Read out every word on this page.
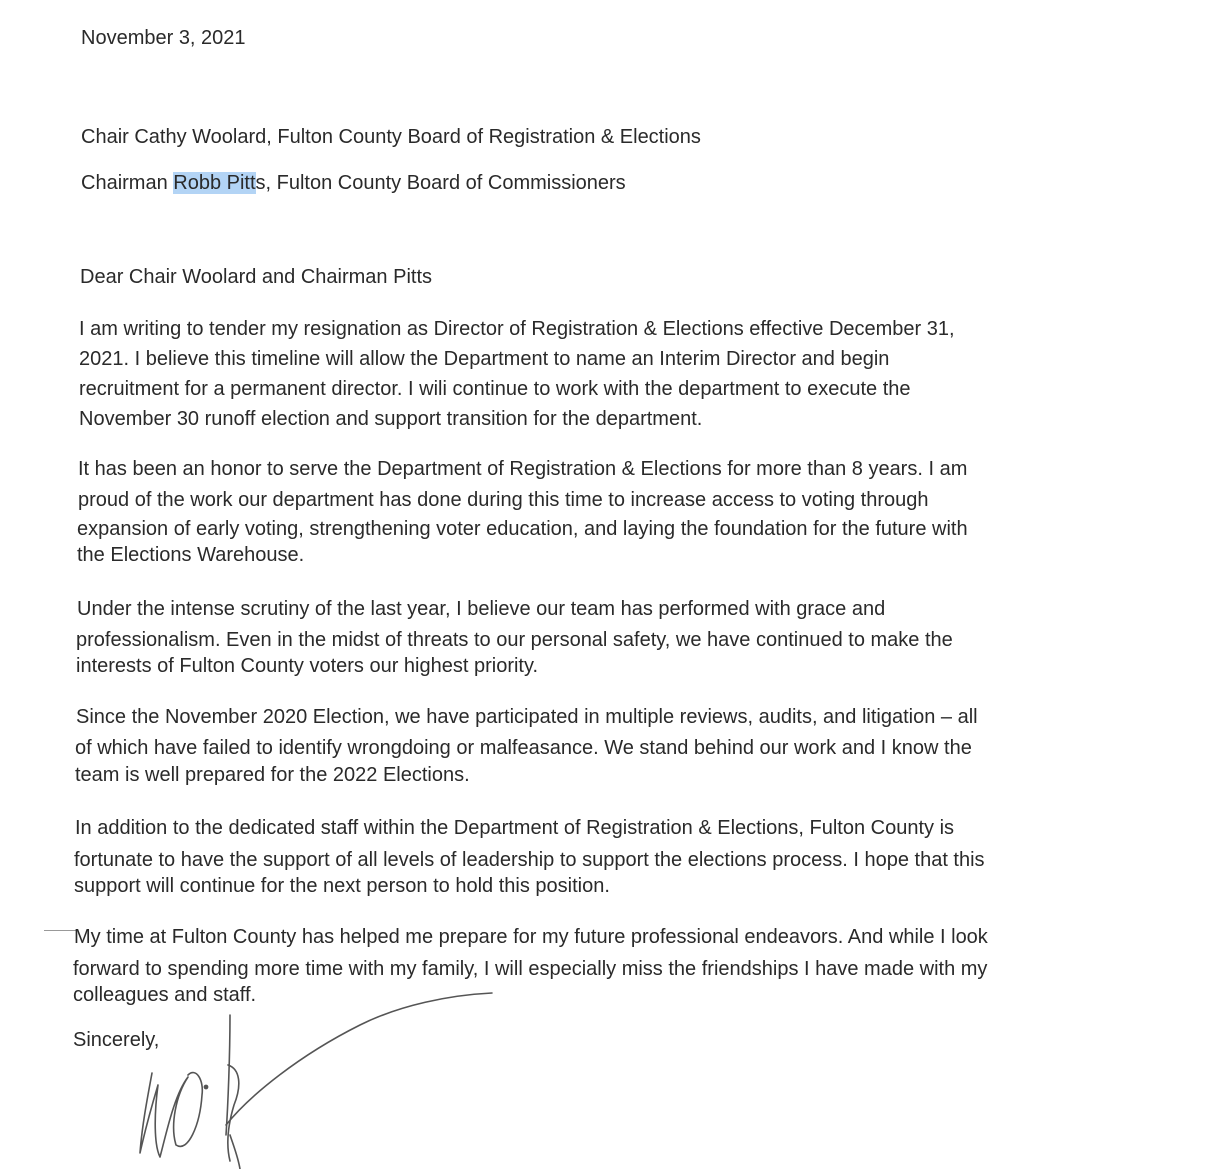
November 3, 2021
Chair Cathy Woolard, Fulton County Board of Registration & Elections
Chairman Robb Pitts, Fulton County Board of Commissioners
Dear Chair Woolard and Chairman Pitts
I am writing to tender my resignation as Director of Registration & Elections effective December 31,
2021. I believe this timeline will allow the Department to name an Interim Director and begin
recruitment for a permanent director. I wili continue to work with the department to execute the
November 30 runoff election and support transition for the department.
It has been an honor to serve the Department of Registration & Elections for more than 8 years. I am
proud of the work our department has done during this time to increase access to voting through
expansion of early voting, strengthening voter education, and laying the foundation for the future with
the Elections Warehouse.
Under the intense scrutiny of the last year, I believe our team has performed with grace and
professionalism. Even in the midst of threats to our personal safety, we have continued to make the
interests of Fulton County voters our highest priority.
Since the November 2020 Election, we have participated in multiple reviews, audits, and litigation – all
of which have failed to identify wrongdoing or malfeasance. We stand behind our work and I know the
team is well prepared for the 2022 Elections.
In addition to the dedicated staff within the Department of Registration & Elections, Fulton County is
fortunate to have the support of all levels of leadership to support the elections process. I hope that this
support will continue for the next person to hold this position.
My time at Fulton County has helped me prepare for my future professional endeavors. And while I look
forward to spending more time with my family, I will especially miss the friendships I have made with my
colleagues and staff.
Sincerely,
